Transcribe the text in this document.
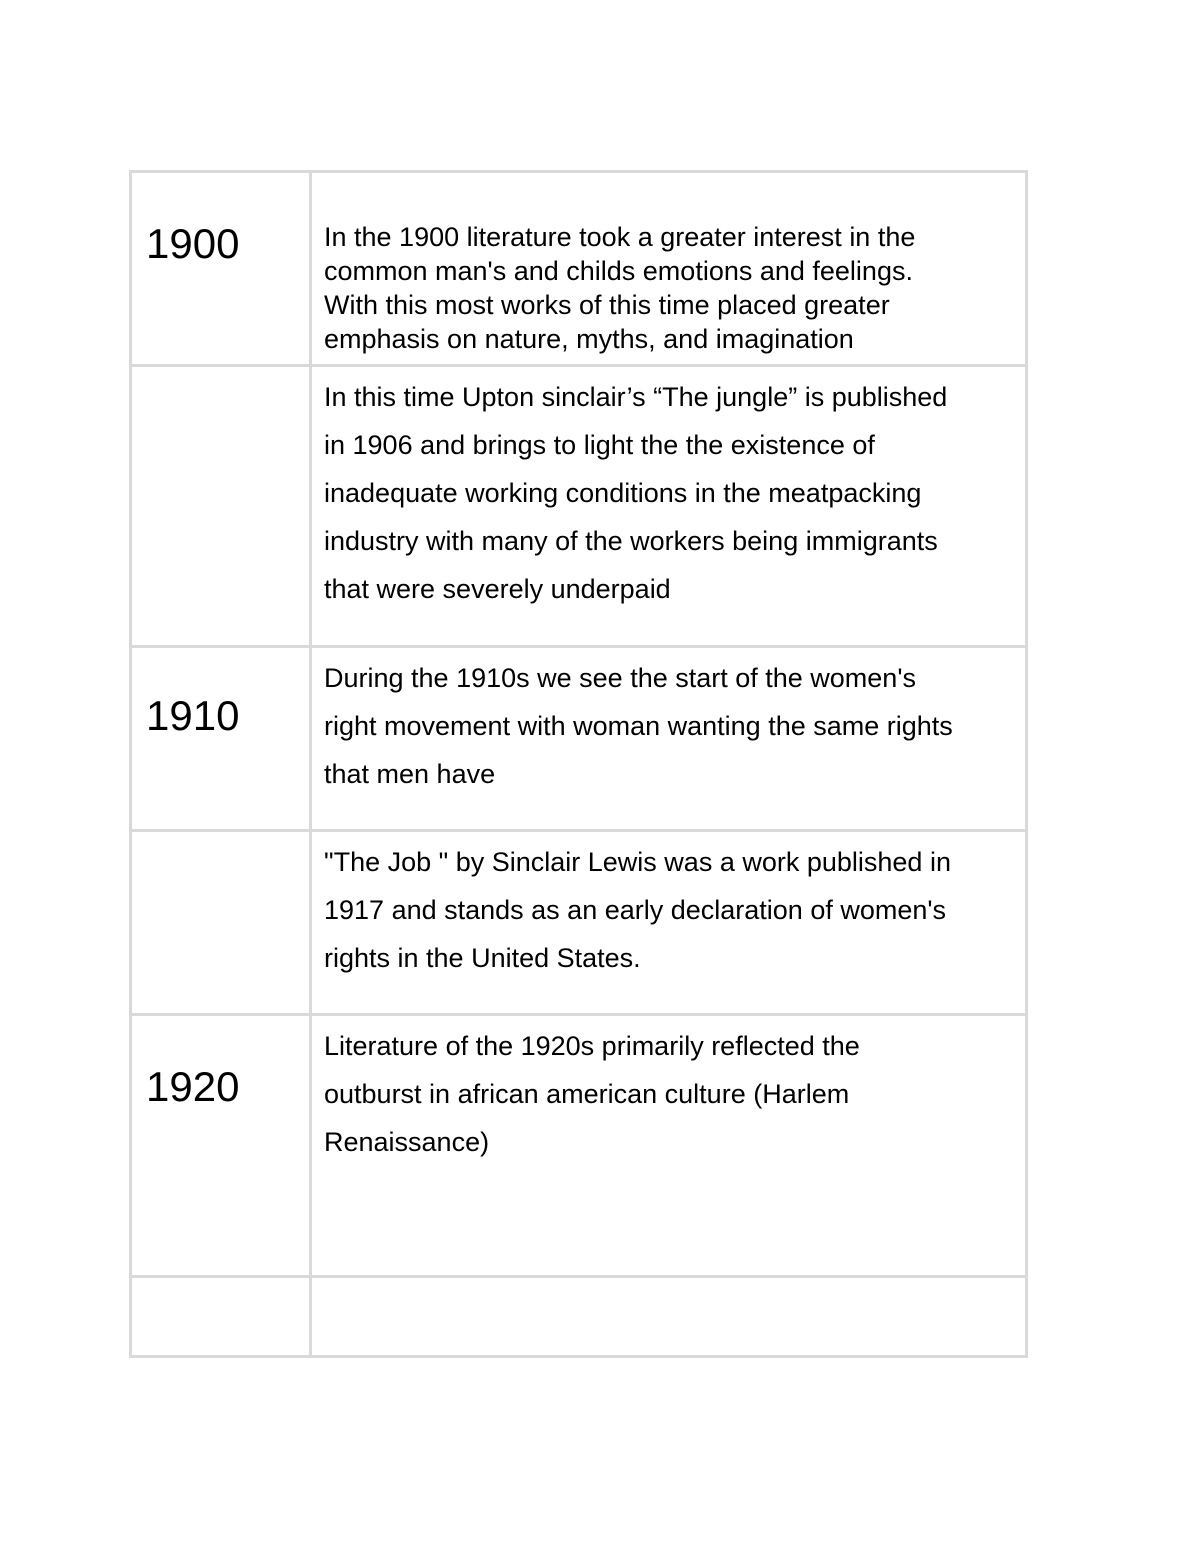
1900	In the 1900 literature took a greater interest in the
common man's and childs emotions and feelings.
With this most works of this time placed greater
emphasis on nature, myths, and imagination

	In this time Upton sinclair’s “The jungle” is published
in 1906 and brings to light the the existence of
inadequate working conditions in the meatpacking
industry with many of the workers being immigrants
that were severely underpaid

1910	During the 1910s we see the start of the women's
right movement with woman wanting the same rights
that men have

	"The Job " by Sinclair Lewis was a work published in
1917 and stands as an early declaration of women's
rights in the United States.

1920	Literature of the 1920s primarily reflected the
outburst in african american culture (Harlem
Renaissance)
